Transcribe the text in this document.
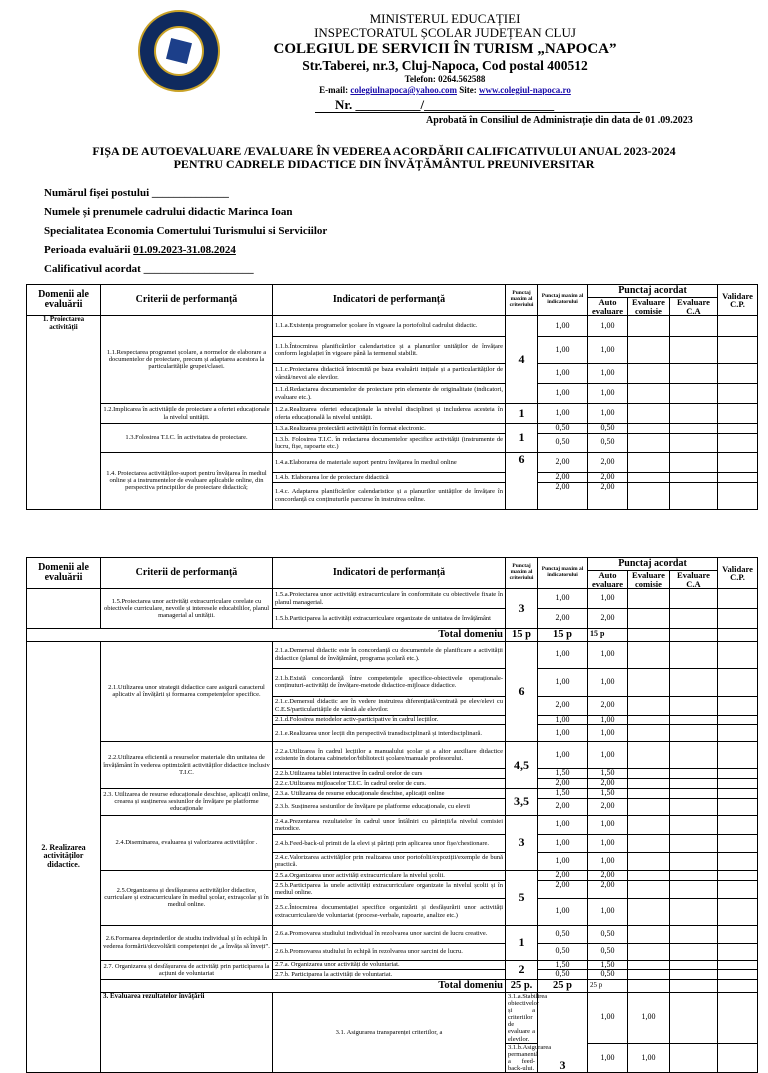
MINISTERUL EDUCAȚIEI
INSPECTORATUL ȘCOLAR JUDEȚEAN CLUJ
COLEGIUL DE SERVICII ÎN TURISM „NAPOCA”
Str.Taberei, nr.3, Cluj-Napoca, Cod postal 400512
Telefon: 0264.562588
E-mail: colegiulnapoca@yahoo.com Site: www.colegiul-napoca.ro
Nr. __________/____________________
Aprobată în Consiliul de Administrație din data de 01 .09.2023
FIȘA DE AUTOEVALUARE /EVALUARE ÎN VEDEREA ACORDĂRII CALIFICATIVULUI ANUAL 2023-2024
PENTRU CADRELE DIDACTICE DIN ÎNVĂȚĂMÂNTUL PREUNIVERSITAR
Numărul fișei postului ______________
Numele și prenumele cadrului didactic Marinca Ioan
Specialitatea Economia Comertului Turismului si Serviciilor
Perioada evaluării 01.09.2023-31.08.2024
Calificativul acordat ____________________
Domenii ale evaluării	Criterii de performanță	Indicatori de performanță	Punctaj maxim al criteriului	Punctaj maxim al indicatorului	Punctaj acordat			Validare C.P.
					Auto evaluare	Evaluare comisie	Evaluare C.A	
1. Proiectarea activității	1.1.Respectarea programei școlare, a normelor de elaborare a documentelor de proiectare, precum și adaptarea acestora la particularitățile grupei/clasei.	1.1.a.Existența programelor școlare în vigoare la portofoliul cadrului didactic.	4	1,00	1,00			
		1.1.b.Întocmirea planificărilor calendaristice și a planurilor unităților de învățare conform legislației în vigoare până la termenul stabilit.		1,00	1,00			
		1.1.c.Proiectarea didactică întocmită pe baza evaluării inițiale și a particularităților de vârstă/nevoi ale elevilor.		1,00	1,00			
		1.1.d.Redactarea documentelor de proiectare prin elemente de originalitate (indicatori, evaluare etc.).		1,00	1,00			
	1.2.Implicarea în activitățile de proiectare a ofertei educaționale la nivelul unității.	1.2.a.Realizarea ofertei educaționale la nivelul disciplinei și includerea acesteia în oferta educațională la nivelul unității.	1	1,00	1,00			
	1.3.Folosirea T.I.C. în activitatea de proiectare.	1.3.a.Realizarea proiectării activității în format electronic.	1	0,50	0,50			
		1.3.b. Folosirea T.I.C. în redactarea documentelor specifice activității (instrumente de lucru, fișe, rapoarte etc.)		0,50	0,50			
	1.4. Proiectarea activităților-suport pentru învățarea în mediul online și a instrumentelor de evaluare aplicabile online, din perspectiva principiilor de proiectare didactică;	1.4.a.Elaborarea de materiale suport pentru învățarea în mediul online	6	2,00	2,00			
		1.4.b. Elaborarea lor de proiectare didactică		2,00	2,00			
		1.4.c. Adaptarea planificărilor calendaristice și a planurilor unităților de învățare în concordanță cu conținuturile parcurse în instruirea online.		2,00	2,00			
Domenii ale evaluării	Criterii de performanță	Indicatori de performanță	Punctaj maxim al criteriului	Punctaj maxim al indicatorului	Punctaj acordat			Validare C.P.	
					Auto evaluare	Evaluare comisie	Evaluare C.A		
	1.5.Proiectarea unor activități extracurriculare corelate cu obiectivele curriculare, nevoile și interesele educabililor, planul managerial al unității.	1.5.a.Proiectarea unor activități extracurriculare în conformitate cu obiectivele fixate în planul managerial.	3	1,00	1,00				
		1.5.b.Participarea la activități extracurriculare organizate de unitatea de învățământ		2,00	2,00				
Total domeniu			15 p	15 p	15 p				
2. Realizarea activităților didactice.	2.1.Utilizarea unor strategii didactice care asigură caracterul aplicativ al învățării și formarea competențelor specifice.	2.1.a.Demersul didactic este în concordanță cu documentele de planificare a activității didactice (planul de învățământ, programa școlară etc.).	6	1,00	1,00				
		2.1.b.Există concordanță între competențele specifice-obiectivele operaționale-conținuturi-activități de învățare-metode didactice-mijloace didactice.		1,00	1,00				
		2.1.c.Demersul didactic are în vedere instruirea diferențiată/centrată pe elev/elevi cu C.E.S/particularitățile de vârstă ale elevilor.		2,00	2,00				
		2.1.d.Folosirea metodelor activ-participative în cadrul lecțiilor.		1,00	1,00				
		2.1.e.Realizarea unor lecții din perspectivă transdisciplinară și interdisciplinară.		1,00	1,00				
	2.2.Utilizarea eficientă a resurselor materiale din unitatea de învățământ în vederea optimizării activităților didactice inclusiv T.I.C.	2.2.a.Utilizarea în cadrul lecțiilor a manualului școlar și a altor auxiliare didactice existente în dotarea cabinetelor/bibliotecii școlare/manuale profesorului.	4,5	1,00	1,00				
		2.2.b.Utilizarea tablei interactive în cadrul orelor de curs		1,50	1,50				
		2.2.c.Utilizarea mijloacelor T.I.C. în cadrul orelor de curs.		2,00	2,00				
	2.3. Utilizarea de resurse educaționale deschise, aplicații online, crearea și susținerea sesiunilor de învățare pe platforme educaționale	2.3.a. Utilizarea de resurse educaționale deschise, aplicații online	3,5	1,50	1,50				
		2.3.b. Susținerea sesiunilor de învățare pe platforme educaționale, cu elevii		2,00	2,00				
	2.4.Diseminarea, evaluarea și valorizarea activităților .	2.4.a.Prezentarea rezultatelor în cadrul unor întâlniri cu părinții/la nivelul comisiei metodice.	3	1,00	1,00				
		2.4.b.Feed-back-ul primit de la elevi și părinți prin aplicarea unor fișe/chestionare.		1,00	1,00				
		2.4.c.Valorizarea activităților prin realizarea unor portofolii/expoziții/exemple de bună practică.		1,00	1,00				
	2.5.Organizarea și desfășurarea activităților didactice, curriculare și extracurriculare în mediul școlar, extrașcolar și în mediul online.	2.5.a.Organizarea unor activități extracurriculare la nivelul școlii.	5	2,00	2,00				
		2.5.b.Participarea la unele activități extracurriculare organizate la nivelul școlii și în mediul online.		2,00	2,00				
		2.5.c.Întocmirea documentației specifice organizării și desfășurării unor activități extracurriculare/de voluntariat (procese-verbale, rapoarte, analize etc.)		1,00	1,00				
	2.6.Formarea deprinderilor de studiu individual și în echipă în vederea formării/dezvoltării competenței de „a învăța să înveți”.	2.6.a.Promovarea studiului individual în rezolvarea unor sarcini de lucru creative.	1	0,50	0,50				
		2.6.b.Promovarea studiului în echipă în rezolvarea unor sarcini de lucru.		0,50	0,50				
	2.7. Organizarea și desfășurarea de activități prin participarea la acțiuni de voluntariat	2.7.a. Organizarea unor activități de voluntariat.	2	1,50	1,50				
		2.7.b. Participarea la activități de voluntariat.		0,50	0,50				
	Total domeniu		25 p.	25 p	25 p				
	3. Evaluarea rezultatelor învățării	3.1. Asigurarea transparenței criteriilor, a	3.1.a.Stabilirea obiectivelor și a criteriilor de evaluare a elevilor.	3	1,00	1,00			
			3.1.b.Asigurarea permanentă a feed-back-ului.		1,00	1,00			
